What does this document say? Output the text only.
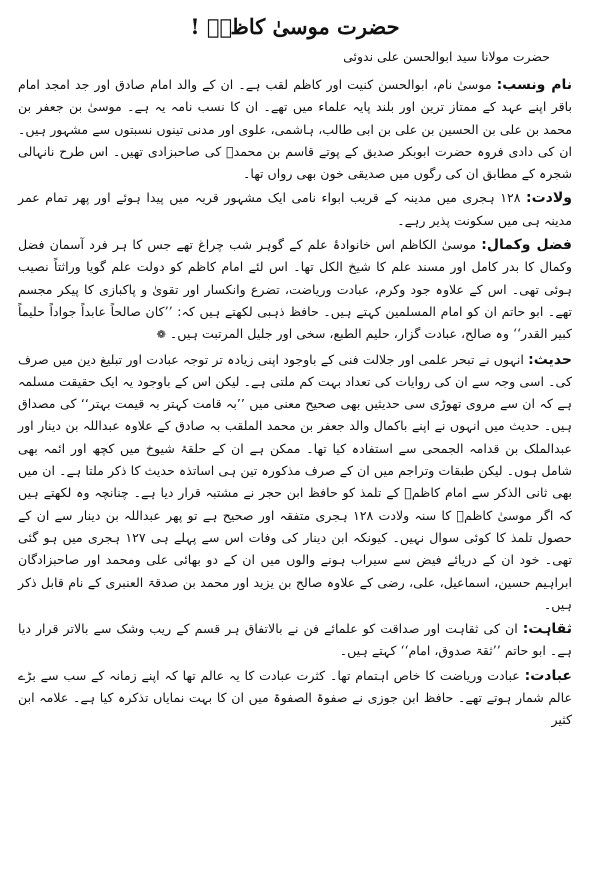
حضرت موسیٰ کاظمؒ !
حضرت مولانا سید ابوالحسن علی ندوئی

نام ونسب: موسیٰ نام، ابوالحسن کنیت اور کاظم لقب ہے۔ ان کے والد امام صادق اور جد امجد امام باقر اپنے عہد کے ممتاز ترین اور بلند پایہ علماء میں تھے۔ ان کا نسب نامہ یہ ہے۔ موسیٰ بن جعفر بن محمد بن علی بن الحسین بن علی بن ابی طالب، ہاشمی، علوی اور مدنی تینوں نسبتوں سے مشہور ہیں۔ ان کی دادی فروہ حضرت ابوبکر صدیق کے پوتے قاسم بن محمدؒ کی صاحبزادی تھیں۔ اس طرح نانہالی شجرہ کے مطابق ان کی رگوں میں صدیقی خون بھی رواں تھا۔

ولادت: ۱۲۸ ہجری میں مدینہ کے قریب ابواء نامی ایک مشہور قریہ میں پیدا ہوئے اور پھر تمام عمر مدینہ ہی میں سکونت پذیر رہے۔

فضل وکمال: موسیٰ الکاظم اس خانوادۂ علم کے گوہر شب چراغ تھے جس کا ہر فرد آسمان فضل وکمال کا بدر کامل اور مسند علم کا شیخ الکل تھا۔ اس لئے امام کاظم کو دولت علم گویا وراثتاً نصیب ہوئی تھی۔ اس کے علاوہ جود وکرم، عبادت وریاضت، تضرع وانکسار اور تقویٰ و پاکبازی کا پیکر مجسم تھے۔ ابو حاتم ان کو امام المسلمین کہتے ہیں۔ حافظ ذہبی لکھتے ہیں کہ: ’’کان صالحاً عابداً جواداً حلیماً کبیر القدر‘‘ وہ صالح، عبادت گزار، حلیم الطبع، سخی اور جلیل المرتبت ہیں۔ ❁

حدیث: انہوں نے تبحر علمی اور جلالت فنی کے باوجود اپنی زیادہ تر توجہ عبادت اور تبلیغ دین میں صرف کی۔ اسی وجہ سے ان کی روایات کی تعداد بہت کم ملتی ہے۔ لیکن اس کے باوجود یہ ایک حقیقت مسلمہ ہے کہ ان سے مروی تھوڑی سی حدیثیں بھی صحیح معنی میں ’’بہ قامت کہتر بہ قیمت بہتر‘‘ کی مصداق ہیں۔ حدیث میں انہوں نے اپنے باکمال والد جعفر بن محمد الملقب بہ صادق کے علاوہ عبداللہ بن دینار اور عبدالملک بن قدامہ الجمحی سے استفادہ کیا تھا۔ ممکن ہے ان کے حلقۂ شیوخ میں کچھ اور ائمہ بھی شامل ہوں۔ لیکن طبقات وتراجم میں ان کے صرف مذکورہ تین ہی اساتذہ حدیث کا ذکر ملتا ہے۔ ان میں بھی ثانی الذکر سے امام کاظمؒ کے تلمذ کو حافظ ابن حجر نے مشتبہ قرار دیا ہے۔ چنانچہ وہ لکھتے ہیں کہ اگر موسیٰ کاظمؒ کا سنہ ولادت ۱۲۸ ہجری متفقہ اور صحیح ہے تو پھر عبداللہ بن دینار سے ان کے حصول تلمذ کا کوئی سوال نہیں۔ کیونکہ ابن دینار کی وفات اس سے پہلے ہی ۱۲۷ ہجری میں ہو گئی تھی۔ خود ان کے دریائے فیض سے سیراب ہونے والوں میں ان کے دو بھائی علی ومحمد اور صاحبزادگان ابراہیم حسین، اسماعیل، علی، رضی کے علاوہ صالح بن یزید اور محمد بن صدقۃ العنبری کے نام قابل ذکر ہیں۔

ثقاہت: ان کی ثقاہت اور صداقت کو علمائے فن نے بالاتفاق ہر قسم کے ریب وشک سے بالاتر قرار دیا ہے۔ ابو حاتم ’’ثقۃ صدوق، امام‘‘ کہتے ہیں۔

عبادت: عبادت وریاضت کا خاص اہتمام تھا۔ کثرت عبادت کا یہ عالم تھا کہ اپنے زمانہ کے سب سے بڑے عالم شمار ہوتے تھے۔ حافظ ابن جوزی نے صفوۃ الصفوۃ میں ان کا بہت نمایاں تذکرہ کیا ہے۔ علامہ ابن کثیر
